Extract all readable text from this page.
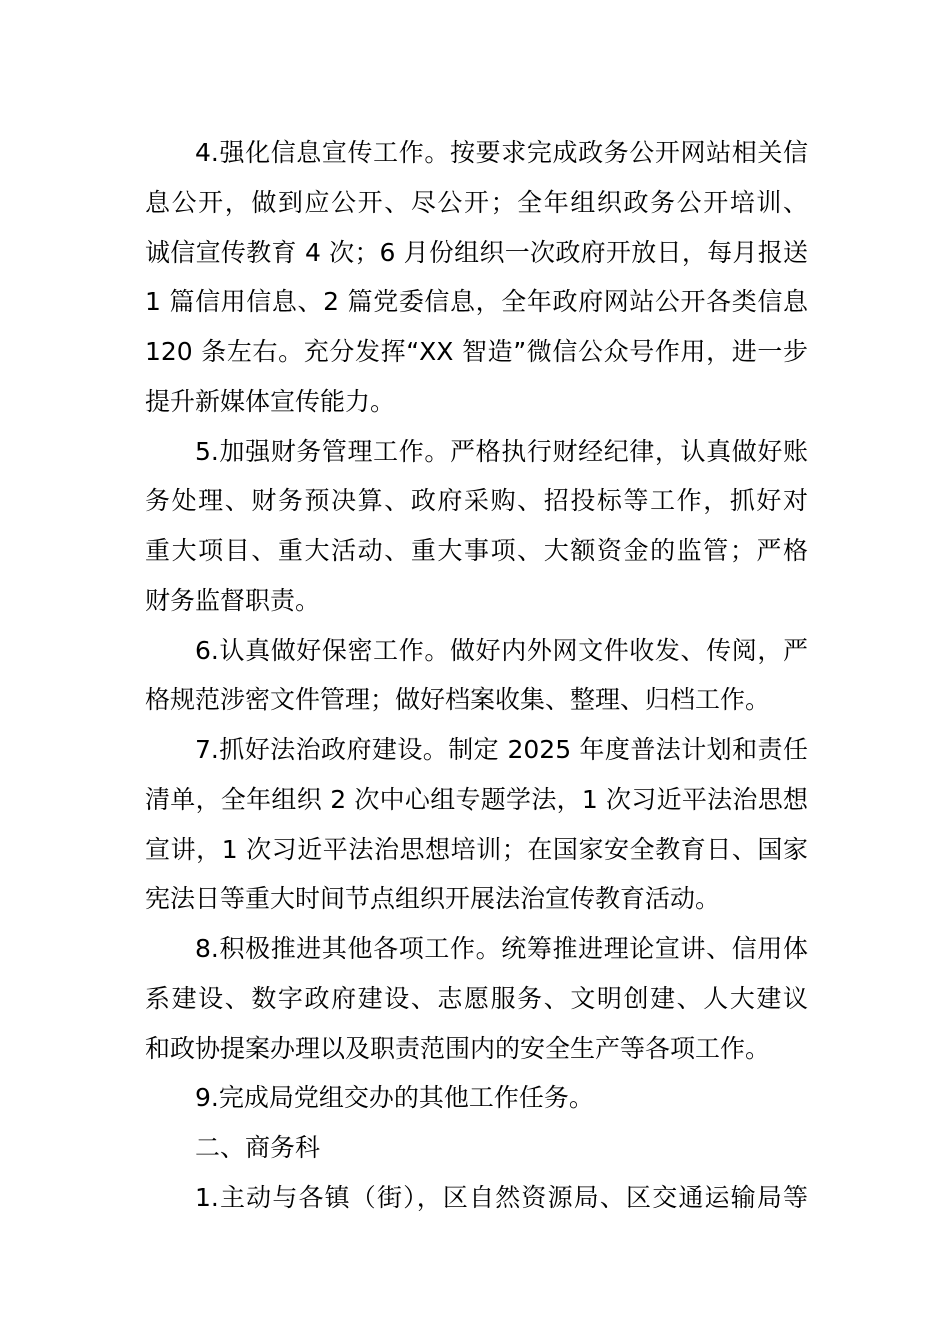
4.强化信息宣传工作。按要求完成政务公开网站相关信
息公开，做到应公开、尽公开；全年组织政务公开培训、
诚信宣传教育 4 次；6 月份组织一次政府开放日，每月报送
1 篇信用信息、2 篇党委信息，全年政府网站公开各类信息
120 条左右。充分发挥“XX 智造”微信公众号作用，进一步
提升新媒体宣传能力。
5.加强财务管理工作。严格执行财经纪律，认真做好账
务处理、财务预决算、政府采购、招投标等工作，抓好对
重大项目、重大活动、重大事项、大额资金的监管；严格
财务监督职责。
6.认真做好保密工作。做好内外网文件收发、传阅，严
格规范涉密文件管理；做好档案收集、整理、归档工作。
7.抓好法治政府建设。制定 2025 年度普法计划和责任
清单，全年组织 2 次中心组专题学法，1 次习近平法治思想
宣讲，1 次习近平法治思想培训；在国家安全教育日、国家
宪法日等重大时间节点组织开展法治宣传教育活动。
8.积极推进其他各项工作。统筹推进理论宣讲、信用体
系建设、数字政府建设、志愿服务、文明创建、人大建议
和政协提案办理以及职责范围内的安全生产等各项工作。
9.完成局党组交办的其他工作任务。
二、商务科
1.主动与各镇（街），区自然资源局、区交通运输局等
